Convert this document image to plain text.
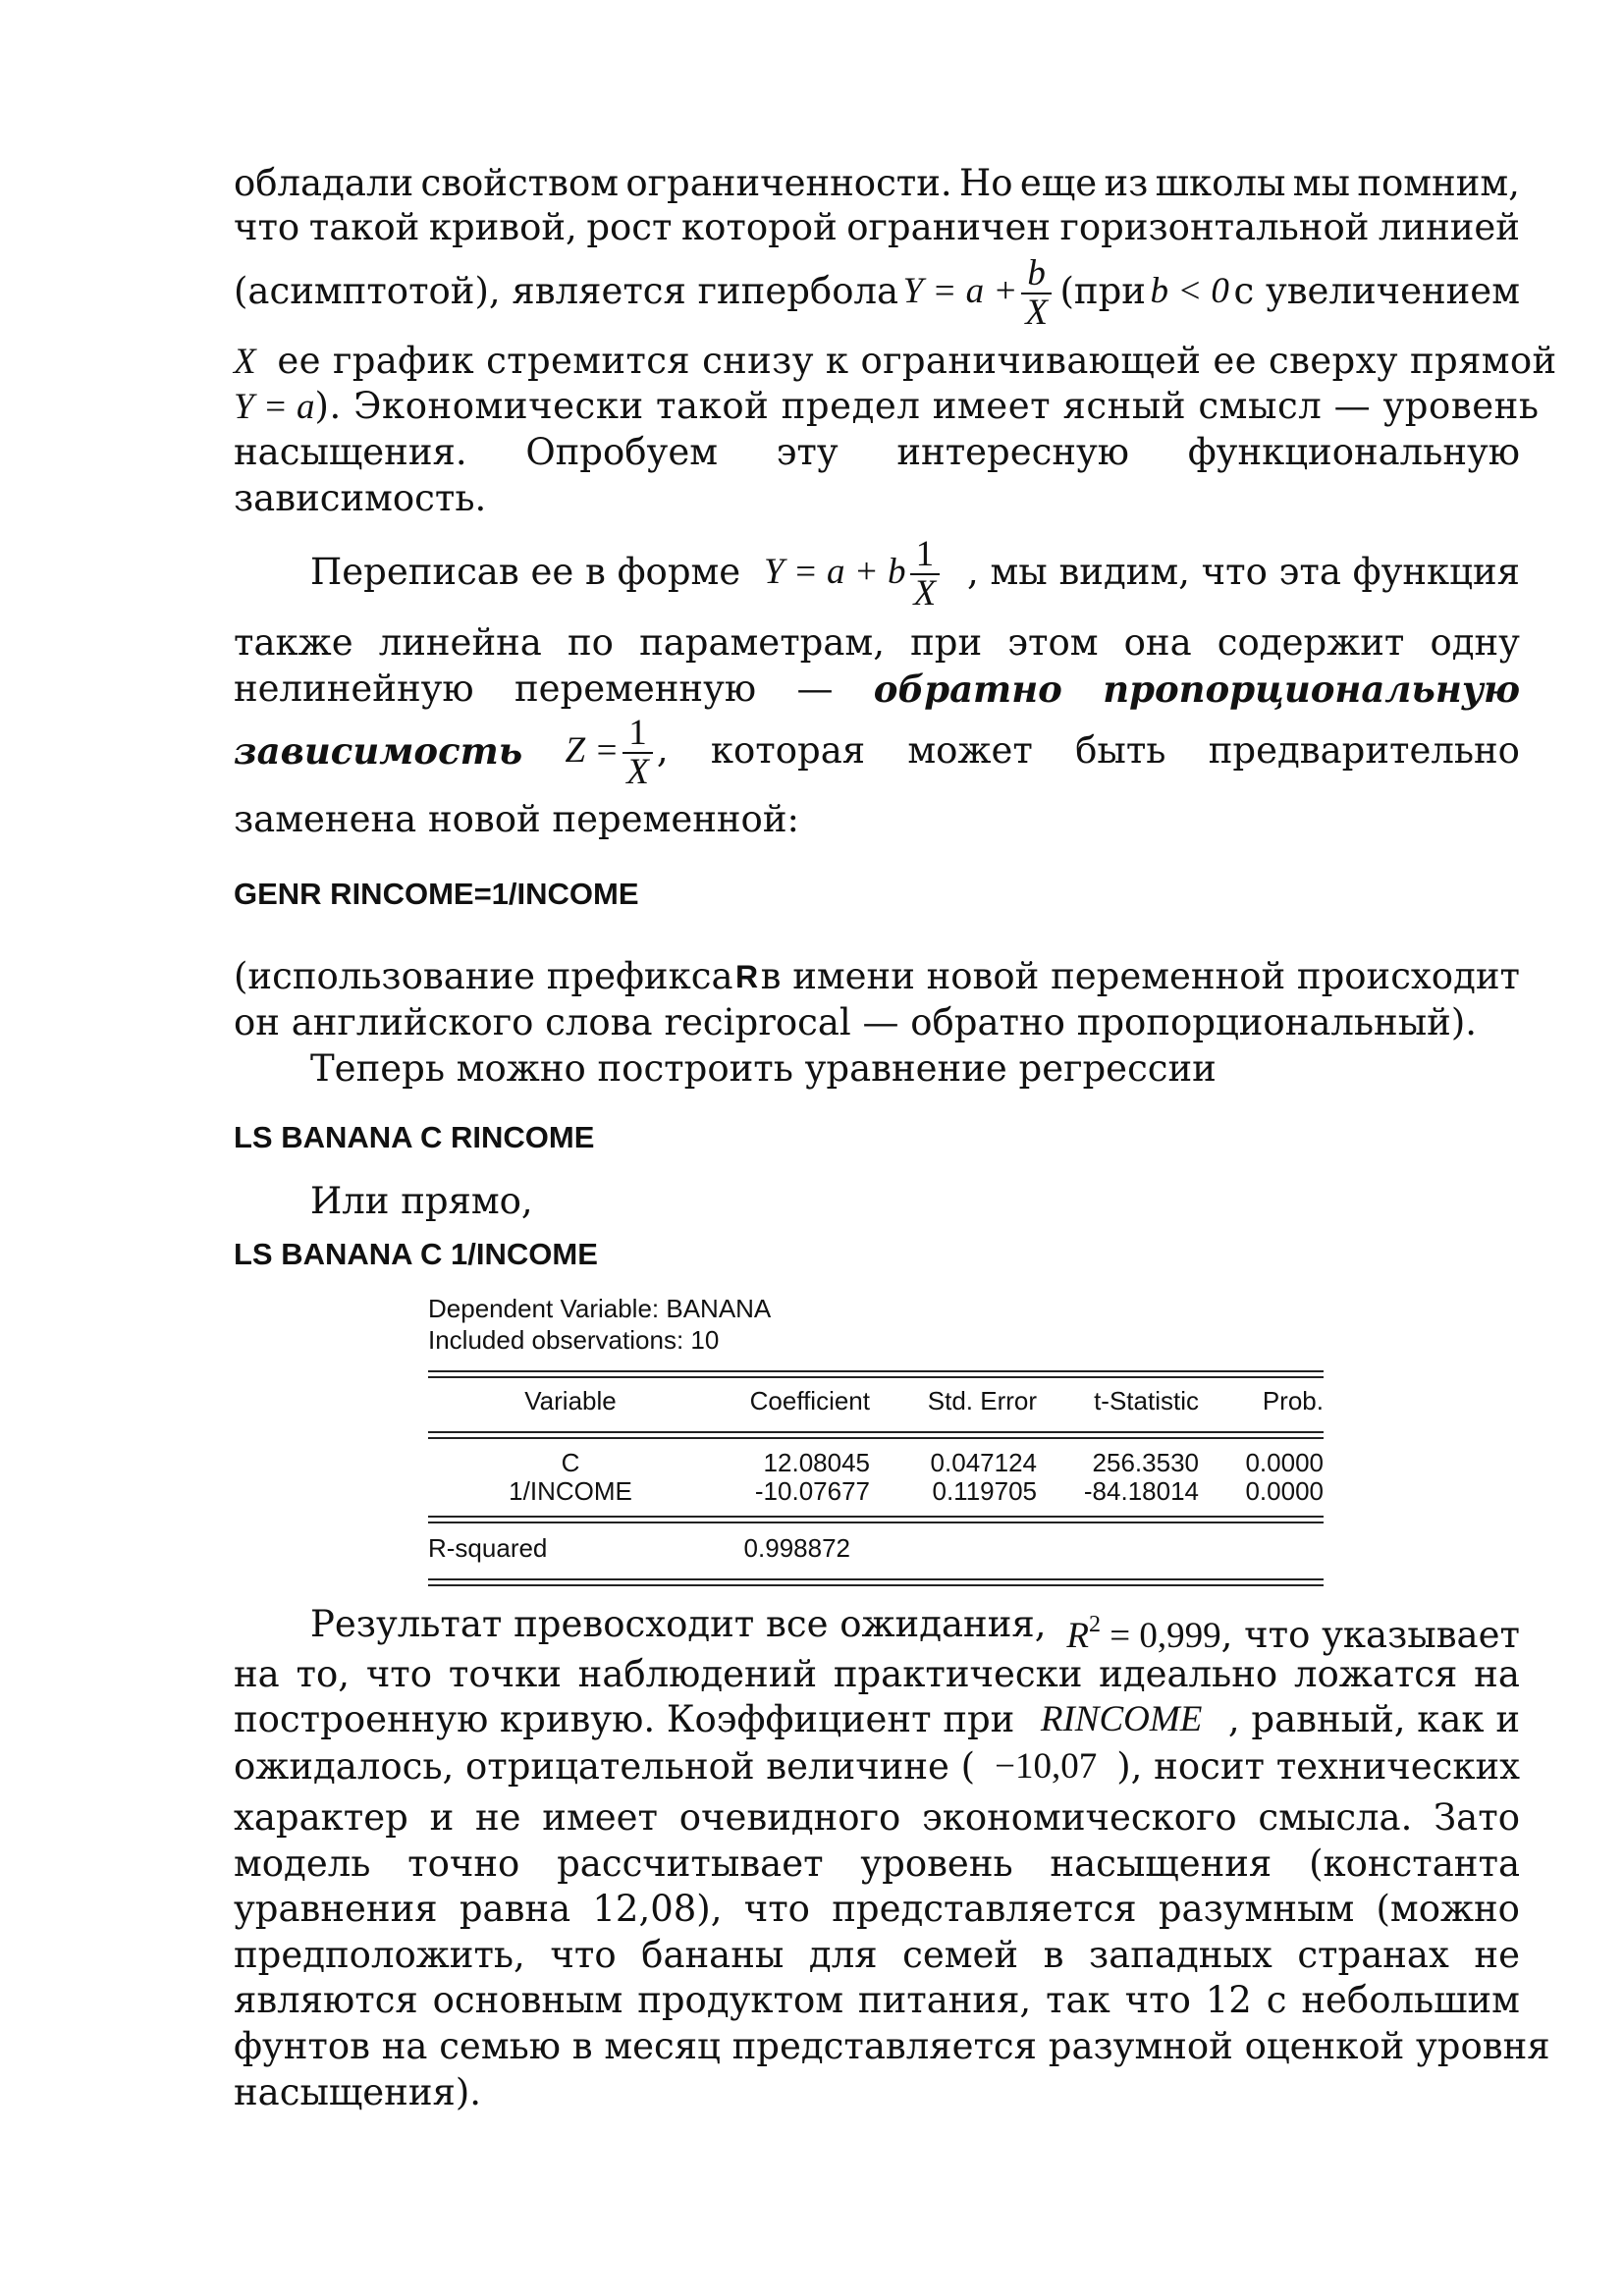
обладали свойством ограниченности. Но еще из школы мы помним,
что такой кривой, рост которой ограничен горизонтальной линией
(асимптотой), является гипербола $Y = a + \frac{b}{X} (при$ b < 0 с увеличением
X ее график стремится снизу к ограничивающей ее сверху прямой
Y = a). Экономически такой предел имеет ясный смысл — уровень
насыщения. Опробуем эту интересную функциональную
зависимость.
Переписав ее в форме Y = a + b $\frac{1}{X}$ , мы видим, что эта функция
также линейна по параметрам, при этом она содержит одну
нелинейную переменную — обратно пропорциональную
зависимость $Z = \frac{1}{X}$ , которая может быть предварительно
заменена новой переменной:
GENR RINCOME=1/INCOME
(использование префикса R в имени новой переменной происходит
он английского слова reciprocal — обратно пропорциональный).
Теперь можно построить уравнение регрессии
LS BANANA C RINCOME
Или прямо,
LS BANANA C 1/INCOME
Dependent Variable: BANANA
Included observations: 10
Variable	Coefficient	Std. Error	t-Statistic	Prob.
C	12.08045	0.047124	256.3530	0.0000
1/INCOME	-10.07677	0.119705	-84.18014	0.0000
R-squared	0.998872
Результат превосходит все ожидания, $R^2 = 0,999$, что указывает
на то, что точки наблюдений практически идеально ложатся на
построенную кривую. Коэффициент при RINCOME , равный, как и
ожидалось, отрицательной величине ( −10,07 ), носит технических
характер и не имеет очевидного экономического смысла. Зато
модель точно рассчитывает уровень насыщения (константа
уравнения равна 12,08), что представляется разумным (можно
предположить, что бананы для семей в западных странах не
являются основным продуктом питания, так что 12 с небольшим
фунтов на семью в месяц представляется разумной оценкой уровня
насыщения).
